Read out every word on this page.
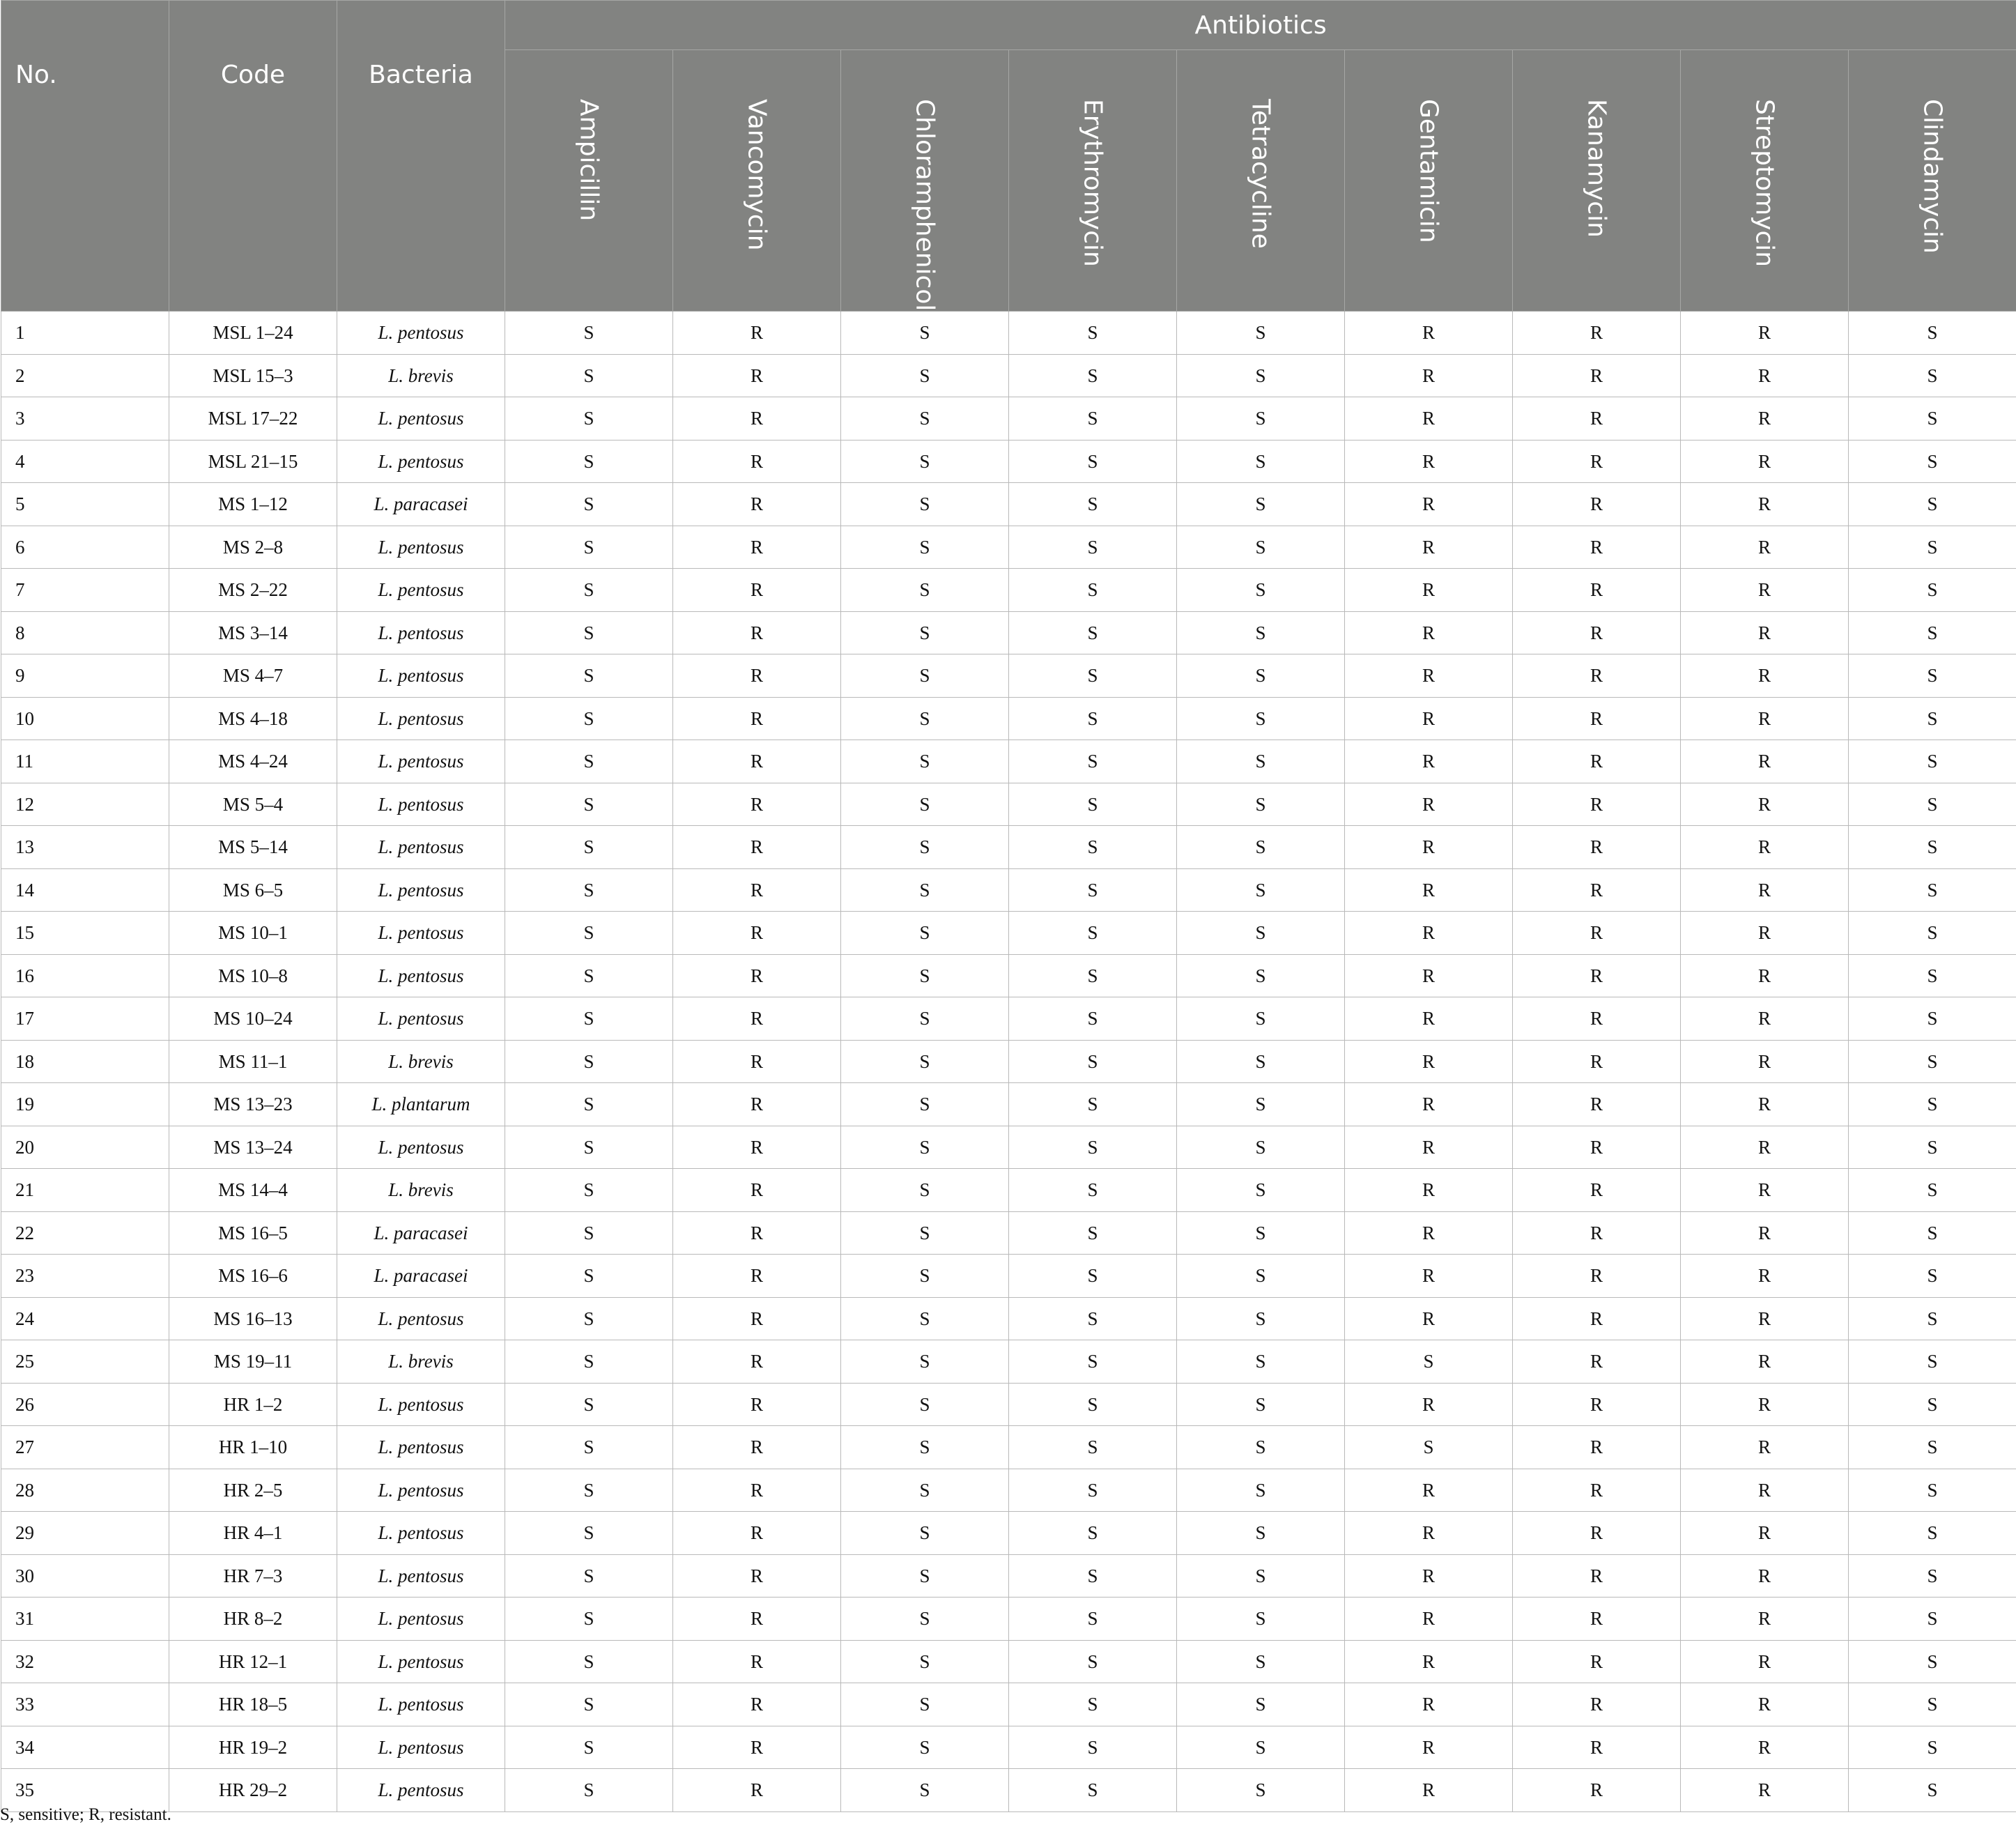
No.	Code	Bacteria	Antibiotics								

			Ampicillin	Vancomycin	Chloramphenicol	Erythromycin	Tetracycline	Gentamicin	Kanamycin	Streptomycin	Clindamycin

1	MSL 1–24	L. pentosus	S	R	S	S	S	R	R	R	S
2	MSL 15–3	L. brevis	S	R	S	S	S	R	R	R	S
3	MSL 17–22	L. pentosus	S	R	S	S	S	R	R	R	S
4	MSL 21–15	L. pentosus	S	R	S	S	S	R	R	R	S
5	MS 1–12	L. paracasei	S	R	S	S	S	R	R	R	S
6	MS 2–8	L. pentosus	S	R	S	S	S	R	R	R	S
7	MS 2–22	L. pentosus	S	R	S	S	S	R	R	R	S
8	MS 3–14	L. pentosus	S	R	S	S	S	R	R	R	S
9	MS 4–7	L. pentosus	S	R	S	S	S	R	R	R	S
10	MS 4–18	L. pentosus	S	R	S	S	S	R	R	R	S
11	MS 4–24	L. pentosus	S	R	S	S	S	R	R	R	S
12	MS 5–4	L. pentosus	S	R	S	S	S	R	R	R	S
13	MS 5–14	L. pentosus	S	R	S	S	S	R	R	R	S
14	MS 6–5	L. pentosus	S	R	S	S	S	R	R	R	S
15	MS 10–1	L. pentosus	S	R	S	S	S	R	R	R	S
16	MS 10–8	L. pentosus	S	R	S	S	S	R	R	R	S
17	MS 10–24	L. pentosus	S	R	S	S	S	R	R	R	S
18	MS 11–1	L. brevis	S	R	S	S	S	R	R	R	S
19	MS 13–23	L. plantarum	S	R	S	S	S	R	R	R	S
20	MS 13–24	L. pentosus	S	R	S	S	S	R	R	R	S
21	MS 14–4	L. brevis	S	R	S	S	S	R	R	R	S
22	MS 16–5	L. paracasei	S	R	S	S	S	R	R	R	S
23	MS 16–6	L. paracasei	S	R	S	S	S	R	R	R	S
24	MS 16–13	L. pentosus	S	R	S	S	S	R	R	R	S
25	MS 19–11	L. brevis	S	R	S	S	S	S	R	R	S
26	HR 1–2	L. pentosus	S	R	S	S	S	R	R	R	S
27	HR 1–10	L. pentosus	S	R	S	S	S	S	R	R	S
28	HR 2–5	L. pentosus	S	R	S	S	S	R	R	R	S
29	HR 4–1	L. pentosus	S	R	S	S	S	R	R	R	S
30	HR 7–3	L. pentosus	S	R	S	S	S	R	R	R	S
31	HR 8–2	L. pentosus	S	R	S	S	S	R	R	R	S
32	HR 12–1	L. pentosus	S	R	S	S	S	R	R	R	S
33	HR 18–5	L. pentosus	S	R	S	S	S	R	R	R	S
34	HR 19–2	L. pentosus	S	R	S	S	S	R	R	R	S
35	HR 29–2	L. pentosus	S	R	S	S	S	R	R	R	S
S, sensitive; R, resistant.
